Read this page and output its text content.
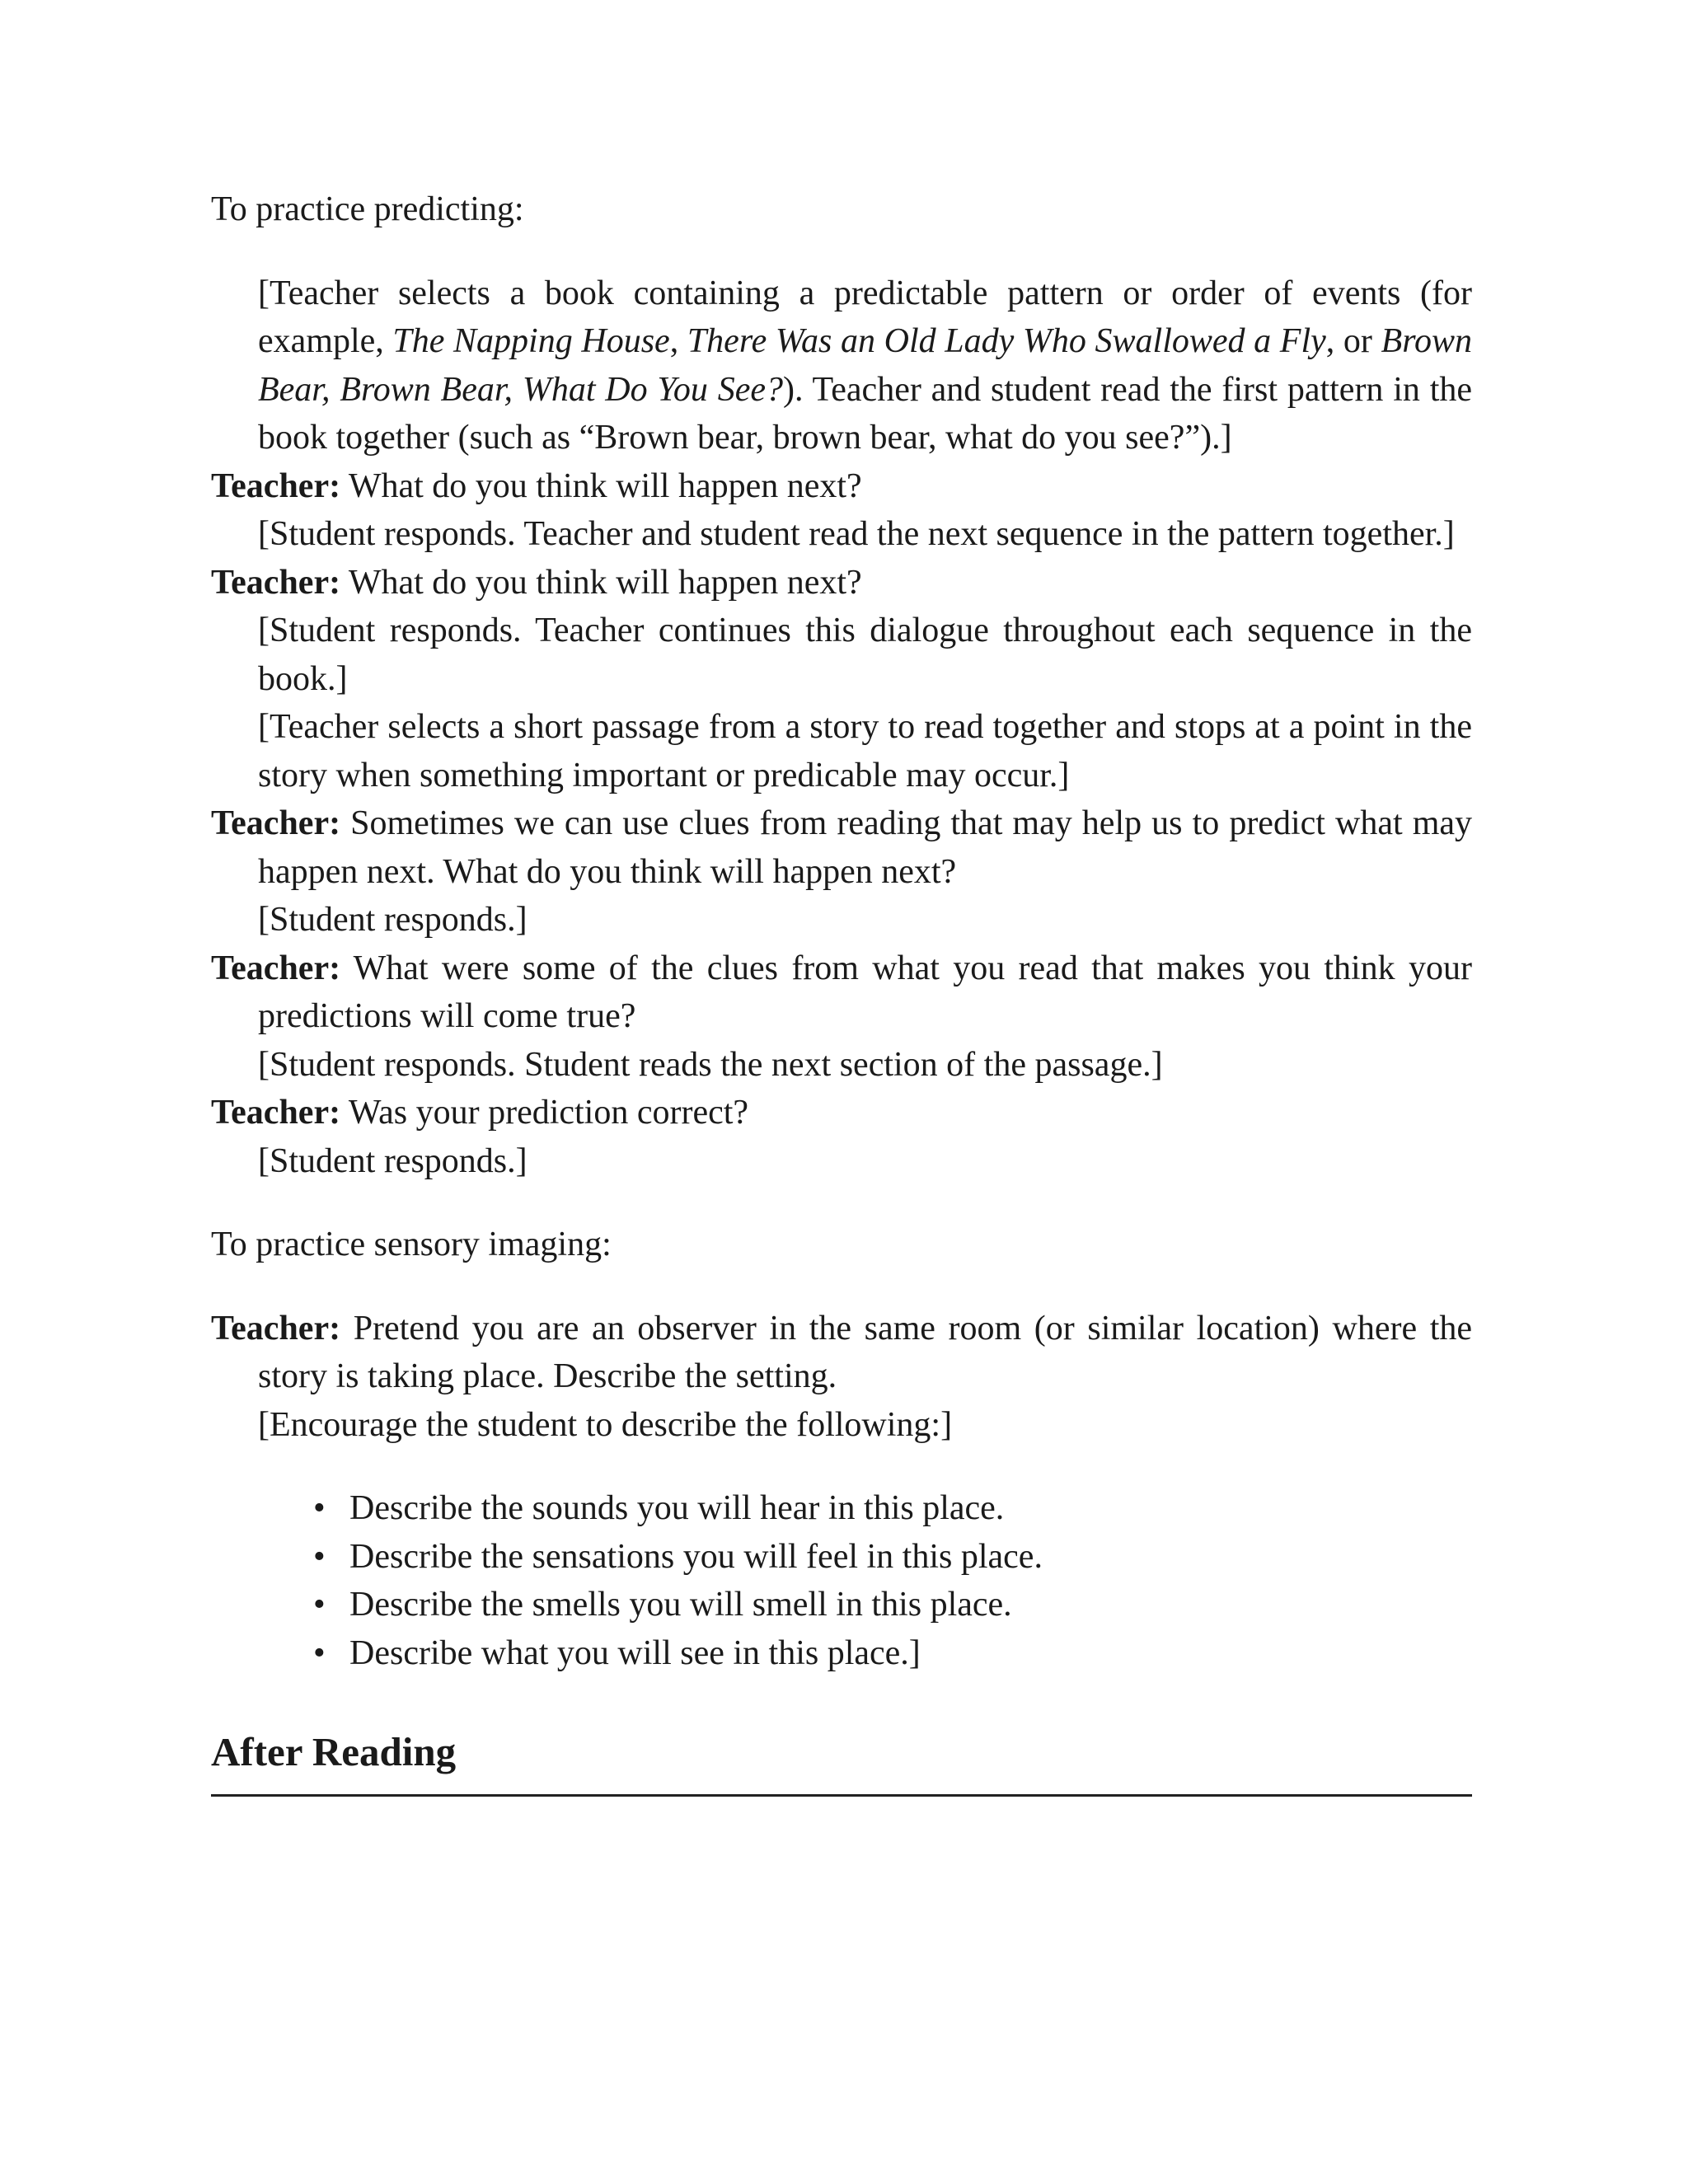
To practice predicting:

[Teacher selects a book containing a predictable pattern or order of events (for example, The Napping House, There Was an Old Lady Who Swallowed a Fly, or Brown Bear, Brown Bear, What Do You See?). Teacher and student read the first pattern in the book together (such as “Brown bear, brown bear, what do you see?”).]

Teacher: What do you think will happen next?

[Student responds. Teacher and student read the next sequence in the pattern together.]

Teacher: What do you think will happen next?

[Student responds. Teacher continues this dialogue throughout each sequence in the book.]

[Teacher selects a short passage from a story to read together and stops at a point in the story when something important or predicable may occur.]

Teacher: Sometimes we can use clues from reading that may help us to predict what may happen next. What do you think will happen next?

[Student responds.]

Teacher: What were some of the clues from what you read that makes you think your predictions will come true?

[Student responds. Student reads the next section of the passage.]

Teacher: Was your prediction correct?

[Student responds.]

To practice sensory imaging:

Teacher: Pretend you are an observer in the same room (or similar location) where the story is taking place. Describe the setting.

[Encourage the student to describe the following:]

• Describe the sounds you will hear in this place.
• Describe the sensations you will feel in this place.
• Describe the smells you will smell in this place.
• Describe what you will see in this place.]
After Reading
